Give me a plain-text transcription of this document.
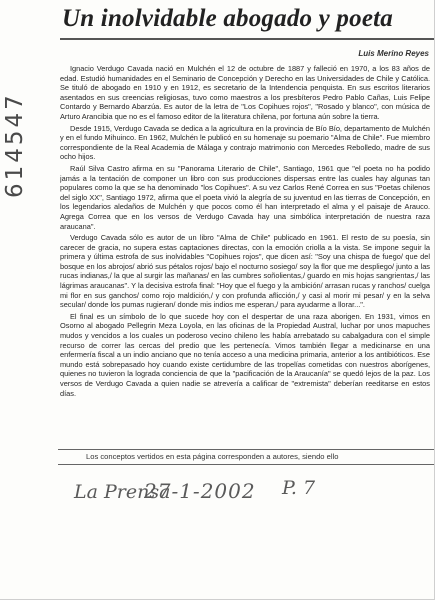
614547
Un inolvidable abogado y poeta
Luis Merino Reyes

Ignacio Verdugo Cavada nació en Mulchén el 12 de octubre de 1887 y falleció en 1970, a los 83 años de edad. Estudió humanidades en el Seminario de Concepción y Derecho en las Universidades de Chile y Católica. Se tituló de abogado en 1910 y en 1912, es secretario de la Intendencia penquista. En sus escritos literarios asentados en sus creencias religiosas, tuvo como maestros a los presbíteros Pedro Pablo Cañas, Luis Felipe Contardo y Bernardo Abarzúa. Es autor de la letra de "Los Copihues rojos", "Rosado y blanco", con música de Arturo Arancibia que no es el famoso editor de la literatura chilena, por fortuna aún sobre la tierra.

Desde 1915, Verdugo Cavada se dedica a la agricultura en la provincia de Bío Bío, departamento de Mulchén y en el fundo Mihuinco. En 1962, Mulchén le publicó en su homenaje su poemario "Alma de Chile". Fue miembro correspondiente de la Real Academia de Málaga y contrajo matrimonio con Mercedes Rebolledo, madre de sus ocho hijos.

Raúl Silva Castro afirma en su "Panorama Literario de Chile", Santiago, 1961 que "el poeta no ha podido jamás a la tentación de componer un libro con sus producciones dispersas entre las cuales hay algunas tan populares como la que se ha denominado "los Copihues". A su vez Carlos René Correa en sus "Poetas chilenos del siglo XX", Santiago 1972, afirma que el poeta vivió la alegría de su juventud en las tierras de Concepción, en los legendarios aledaños de Mulchén y que pocos como él han interpretado el alma y el paisaje de Arauco. Agrega Correa que en los versos de Verdugo Cavada hay una simbólica interpretación de nuestra raza araucana".

Verdugo Cavada sólo es autor de un libro "Alma de Chile" publicado en 1961. El resto de su poesía, sin carecer de gracia, no supera estas captaciones directas, con la emoción criolla a la vista. Se impone seguir la primera y última estrofa de sus inolvidables "Copihues rojos", que dicen así: "Soy una chispa de fuego/ que del bosque en los abrojos/ abrió sus pétalos rojos/ bajo el nocturno sosiego/ soy la flor que me despliego/ junto a las rucas indianas,/ la que al surgir las mañanas/ en las cumbres soñolientas,/ guardo en mis hojas sangrientas,/ las lágrimas araucanas". Y la decisiva estrofa final: "Hoy que el fuego y la ambición/ arrasan rucas y ranchos/ cuelga mi flor en sus ganchos/ como rojo maldición,/ y con profunda aflicción,/ y casi al morir mi pesar/ y en la selva secular/ donde los pumas rugieran/ donde mis indios me esperan,/ para ayudarme a llorar...".

El final es un símbolo de lo que sucede hoy con el despertar de una raza aborigen. En 1931, vimos en Osorno al abogado Pellegrin Meza Loyola, en las oficinas de la Propiedad Austral, luchar por unos mapuches mudos y vencidos a los cuales un poderoso vecino chileno les había arrebatado su cabalgadura con el simple recurso de correr las cercas del predio que les pertenecía. Vimos también llegar a medicinarse en una enfermería fiscal a un indio anciano que no tenía acceso a una medicina primaria, anterior a los antibióticos. Ese mundo está sobrepasado hoy cuando existe certidumbre de las tropelías cometidas con nuestros aborígenes, quienes no tuvieron la lograda conciencia de que la "pacificación de la Araucanía" se quedó lejos de la paz. Los versos de Verdugo Cavada a quien nadie se atrevería a calificar de "extremista" deberían reeditarse en estos días.

Los conceptos vertidos en esta página corresponden a autores, siendo ello
La Prensa
27-1-2002 P. 7
